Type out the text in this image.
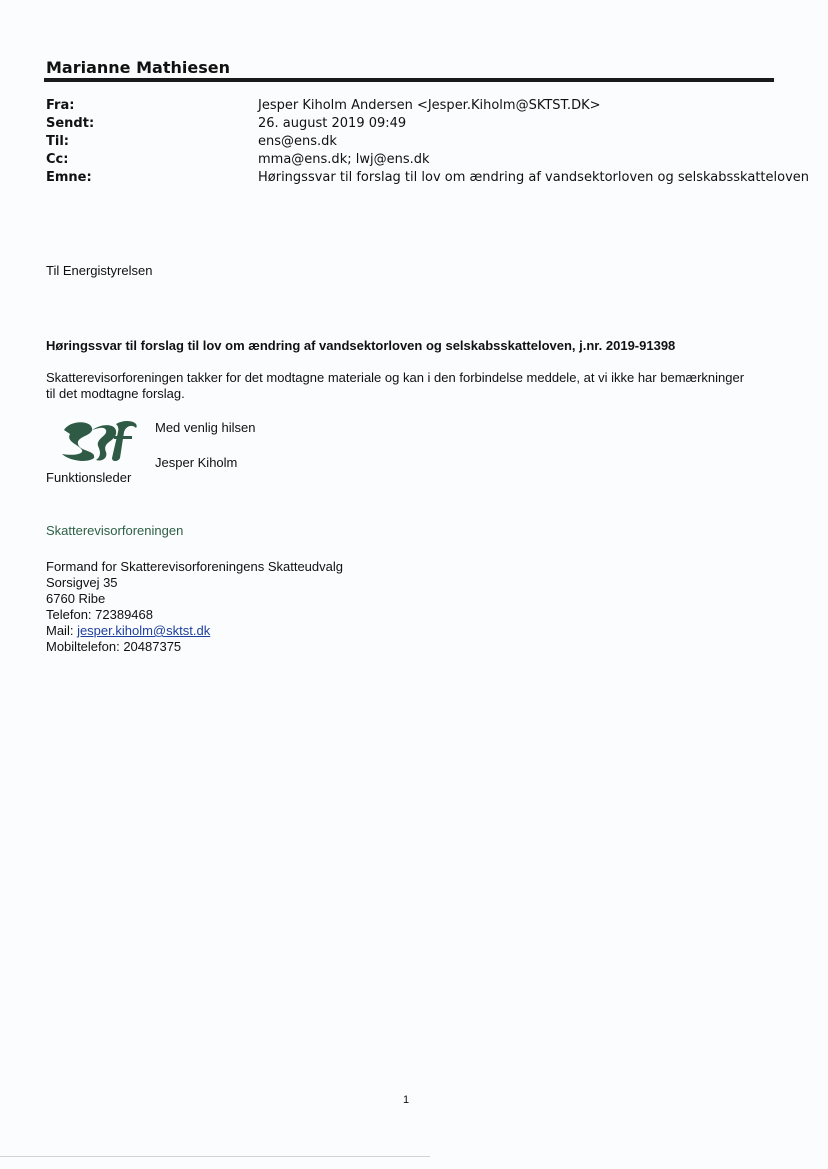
Marianne Mathiesen
Fra:	Jesper Kiholm Andersen <Jesper.Kiholm@SKTST.DK>
Sendt:	26. august 2019 09:49
Til:	ens@ens.dk
Cc:	mma@ens.dk; lwj@ens.dk
Emne:	Høringssvar til forslag til lov om ændring af vandsektorloven og selskabsskatteloven
Til Energistyrelsen
Høringssvar til forslag til lov om ændring af vandsektorloven og selskabsskatteloven, j.nr. 2019-91398
Skatterevisorforeningen takker for det modtagne materiale og kan i den forbindelse meddele, at vi ikke har bemærkninger til det modtagne forslag.
Med venlig hilsen
Jesper Kiholm
Funktionsleder
Skatterevisorforeningen
Formand for Skatterevisorforeningens Skatteudvalg
Sorsigvej 35
6760 Ribe
Telefon: 72389468
Mail: jesper.kiholm@sktst.dk
Mobiltelefon: 20487375
1
